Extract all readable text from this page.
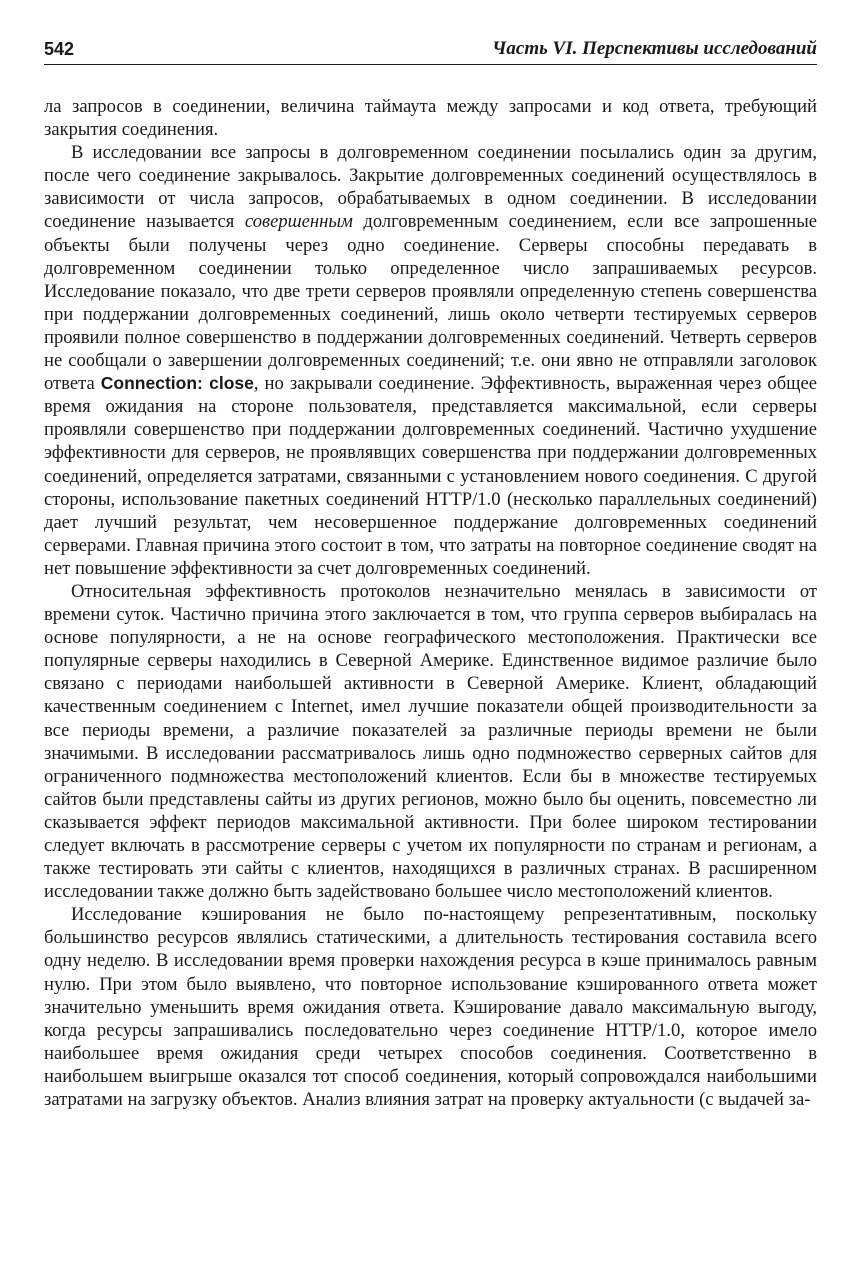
542	Часть VI. Перспективы исследований

ла запросов в соединении, величина таймаута между запросами и код ответа, требующий закрытия соединения.

В исследовании все запросы в долговременном соединении посылались один за другим, после чего соединение закрывалось. Закрытие долговременных соединений осуществлялось в зависимости от числа запросов, обрабатываемых в одном соединении. В исследовании соединение называется совершенным долговременным соединением, если все запрошенные объекты были получены через одно соединение. Серверы способны передавать в долговременном соединении только определенное число запрашиваемых ресурсов. Исследование показало, что две трети серверов проявляли определенную степень совершенства при поддержании долговременных соединений, лишь около четверти тестируемых серверов проявили полное совершенство в поддержании долговременных соединений. Четверть серверов не сообщали о завершении долговременных соединений; т.е. они явно не отправляли заголовок ответа Connection: close, но закрывали соединение. Эффективность, выраженная через общее время ожидания на стороне пользователя, представляется максимальной, если серверы проявляли совершенство при поддержании долговременных соединений. Частично ухудшение эффективности для серверов, не проявлявщих совершенства при поддержании долговременных соединений, определяется затратами, связанными с установлением нового соединения. С другой стороны, использование пакетных соединений HTTP/1.0 (несколько параллельных соединений) дает лучший результат, чем несовершенное поддержание долговременных соединений серверами. Главная причина этого состоит в том, что затраты на повторное соединение сводят на нет повышение эффективности за счет долговременных соединений.

Относительная эффективность протоколов незначительно менялась в зависимости от времени суток. Частично причина этого заключается в том, что группа серверов выбиралась на основе популярности, а не на основе географического местоположения. Практически все популярные серверы находились в Северной Америке. Единственное видимое различие было связано с периодами наибольшей активности в Северной Америке. Клиент, обладающий качественным соединением с Internet, имел лучшие показатели общей производительности за все периоды времени, а различие показателей за различные периоды времени не были значимыми. В исследовании рассматривалось лишь одно подмножество серверных сайтов для ограниченного подмножества местоположений клиентов. Если бы в множестве тестируемых сайтов были представлены сайты из других регионов, можно было бы оценить, повсеместно ли сказывается эффект периодов максимальной активности. При более широком тестировании следует включать в рассмотрение серверы с учетом их популярности по странам и регионам, а также тестировать эти сайты с клиентов, находящихся в различных странах. В расширенном исследовании также должно быть задействовано большее число местоположений клиентов.

Исследование кэширования не было по-настоящему репрезентативным, поскольку большинство ресурсов являлись статическими, а длительность тестирования составила всего одну неделю. В исследовании время проверки нахождения ресурса в кэше принималось равным нулю. При этом было выявлено, что повторное использование кэшированного ответа может значительно уменьшить время ожидания ответа. Кэширование давало максимальную выгоду, когда ресурсы запрашивались последовательно через соединение HTTP/1.0, которое имело наибольшее время ожидания среди четырех способов соединения. Соответственно в наибольшем выигрыше оказался тот способ соединения, который сопровождался наибольшими затратами на загрузку объектов. Анализ влияния затрат на проверку актуальности (с выдачей за-
